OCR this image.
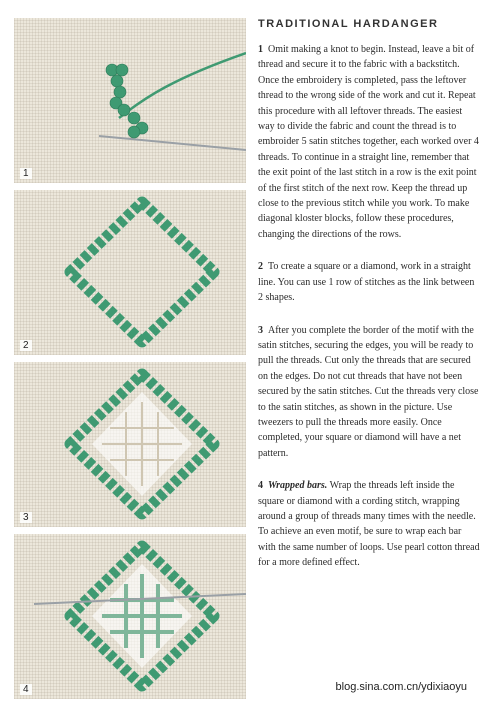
1
2
3
4
TRADITIONAL HARDANGER

1 Omit making a knot to begin. Instead, leave a bit of thread and secure it to the fabric with a backstitch. Once the embroidery is completed, pass the leftover thread to the wrong side of the work and cut it. Repeat this procedure with all leftover threads. The easiest way to divide the fabric and count the thread is to embroider 5 satin stitches together, each worked over 4 threads. To continue in a straight line, remember that the exit point of the last stitch in a row is the exit point of the first stitch of the next row. Keep the thread up close to the previous stitch while you work. To make diagonal kloster blocks, follow these procedures, changing the directions of the rows.

2 To create a square or a diamond, work in a straight line. You can use 1 row of stitches as the link between 2 shapes.

3 After you complete the border of the motif with the satin stitches, securing the edges, you will be ready to pull the threads. Cut only the threads that are secured on the edges. Do not cut threads that have not been secured by the satin stitches. Cut the threads very close to the satin stitches, as shown in the picture. Use tweezers to pull the threads more easily. Once completed, your square or diamond will have a net pattern.

4 Wrapped bars. Wrap the threads left inside the square or diamond with a cording stitch, wrapping around a group of threads many times with the needle. To achieve an even motif, be sure to wrap each bar with the same number of loops. Use pearl cotton thread for a more defined effect.

blog.sina.com.cn/ydixiaoyu
